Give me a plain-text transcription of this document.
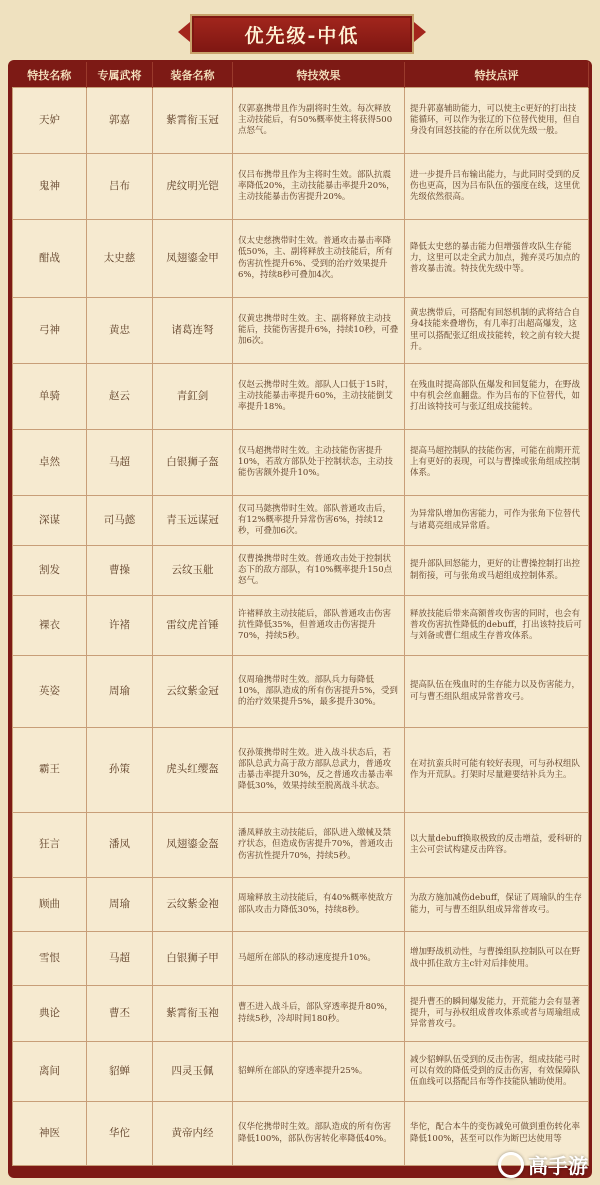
优先级-中低
特技名称	专属武将	装备名称	特技效果	特技点评
天妒	郭嘉	紫霄衔玉冠	仅郭嘉携带且作为副将时生效。每次释放主动技能后，有50%概率使主将获得500点怒气。	提升郭嘉辅助能力，可以使主c更好的打出技能循环，可以作为张辽的下位替代使用，但自身没有回怒技能的存在所以优先级一般。
鬼神	吕布	虎纹明光铠	仅吕布携带且作为主将时生效。部队抗震率降低20%，主动技能暴击率提升20%，主动技能暴击伤害提升20%。	进一步提升吕布输出能力，与此同时受到的反伤也更高，因为吕布队伍的强度在线，这里优先级依然很高。
酣战	太史慈	凤翅鎏金甲	仅太史慈携带时生效。普通攻击暴击率降低50%，主、副将释放主动技能后，所有伤害抗性提升6%、受到的治疗效果提升6%，持续8秒可叠加4次。	降低太史慈的暴击能力但增强普攻队生存能力，这里可以走全武力加点，抛弃灵巧加点的普攻暴击流。特技优先级中等。
弓神	黄忠	诸葛连弩	仅黄忠携带时生效。主、副将释放主动技能后，技能伤害提升6%，持续10秒，可叠加6次。	黄忠携带后，可搭配有回怒机制的武将结合自身4技能来叠增伤，有几率打出超高爆发，这里可以搭配张辽组成技能转，较之前有较大提升。
单骑	赵云	青釭剑	仅赵云携带时生效。部队人口低于15时，主动技能暴击率提升60%，主动技能倒艾率提升18%。	在残血时提高部队伍爆发和回复能力，在野战中有机会丝血翻盘。作为吕布的下位替代，如打出该特技可与张辽组成技能转。
卓然	马超	白银狮子盔	仅马超携带时生效。主动技能伤害提升10%，若敌方部队处于控制状态，主动技能伤害额外提升10%。	提高马超控制队的技能伤害，可能在前期开荒上有更好的表现，可以与曹操或张角组成控制体系。
深谋	司马懿	青玉远谋冠	仅司马懿携带时生效。部队普通攻击后，有12%概率提升异常伤害6%，持续12秒，可叠加6次。	为异常队增加伤害能力，可作为张角下位替代与诸葛亮组成异常盾。
割发	曹操	云纹玉舭	仅曹操携带时生效。普通攻击处于控制状态下的敌方部队，有10%概率提升150点怒气。	提升部队回怒能力，更好的让曹操控制打出控制衔接，可与张角或马超组成控制体系。
裸衣	许褚	雷纹虎首锤	许褚释放主动技能后，部队普通攻击伤害抗性降低35%，但普通攻击伤害提升70%，持续5秒。	释放技能后带来高额普攻伤害的同时，也会有普攻伤害抗性降低的debuff，打出该特技后可与刘备或曹仁组成生存普攻体系。
英姿	周瑜	云纹紫金冠	仅周瑜携带时生效。部队兵力每降低10%，部队造成的所有伤害提升5%，受到的治疗效果提升5%，最多提升30%。	提高队伍在残血时的生存能力以及伤害能力，可与曹丕组队组成异常普攻弓。
霸王	孙策	虎头红缨盔	仅孙策携带时生效。进入战斗状态后，若部队总武力高于敌方部队总武力，普通攻击暴击率提升30%，反之普通攻击暴击率降低30%，效果持续至脱离战斗状态。	在对抗蛮兵时可能有较好表现，可与孙权组队作为开荒队。打架时尽量避要结补兵为主。
狂言	潘凤	凤翅鎏金盔	潘凤释放主动技能后，部队进入缴械及禁疗状态，但造成伤害提升70%，普通攻击伤害抗性提升70%，持续5秒。	以大量debuff换取极致的反击增益，爱科研的主公可尝试构建反击阵容。
顾曲	周瑜	云纹紫金袍	周瑜释放主动技能后，有40%概率使敌方部队攻击力降低30%，持续8秒。	为敌方施加减伤debuff，保证了周瑜队的生存能力，可与曹丕组队组成异常普攻弓。
雪恨	马超	白银狮子甲	马超所在部队的移动速度提升10%。	增加野战机动性，与曹操组队控制队可以在野战中抓住敌方主c针对后排使用。
典论	曹丕	紫霄衔玉袍	曹丕进入战斗后，部队穿透率提升80%，持续5秒，冷却时间180秒。	提升曹丕的瞬间爆发能力，开荒能力会有显著提升，可与孙权组成普攻体系或者与周瑜组成异常普攻弓。
离间	貂蝉	四灵玉佩	貂蝉所在部队的穿透率提升25%。	减少貂蝉队伍受到的反击伤害，组成技能弓时可以有效的降低受到的反击伤害，有效保障队伍血线可以搭配吕布等作技能队辅助使用。
神医	华佗	黄帝内经	仅华佗携带时生效。部队造成的所有伤害降低100%，部队伤害转化率降低40%。	华佗，配合本牛的变伤减免可做到重伤转化率降低100%，甚至可以作为断巴达使用等
高手游
